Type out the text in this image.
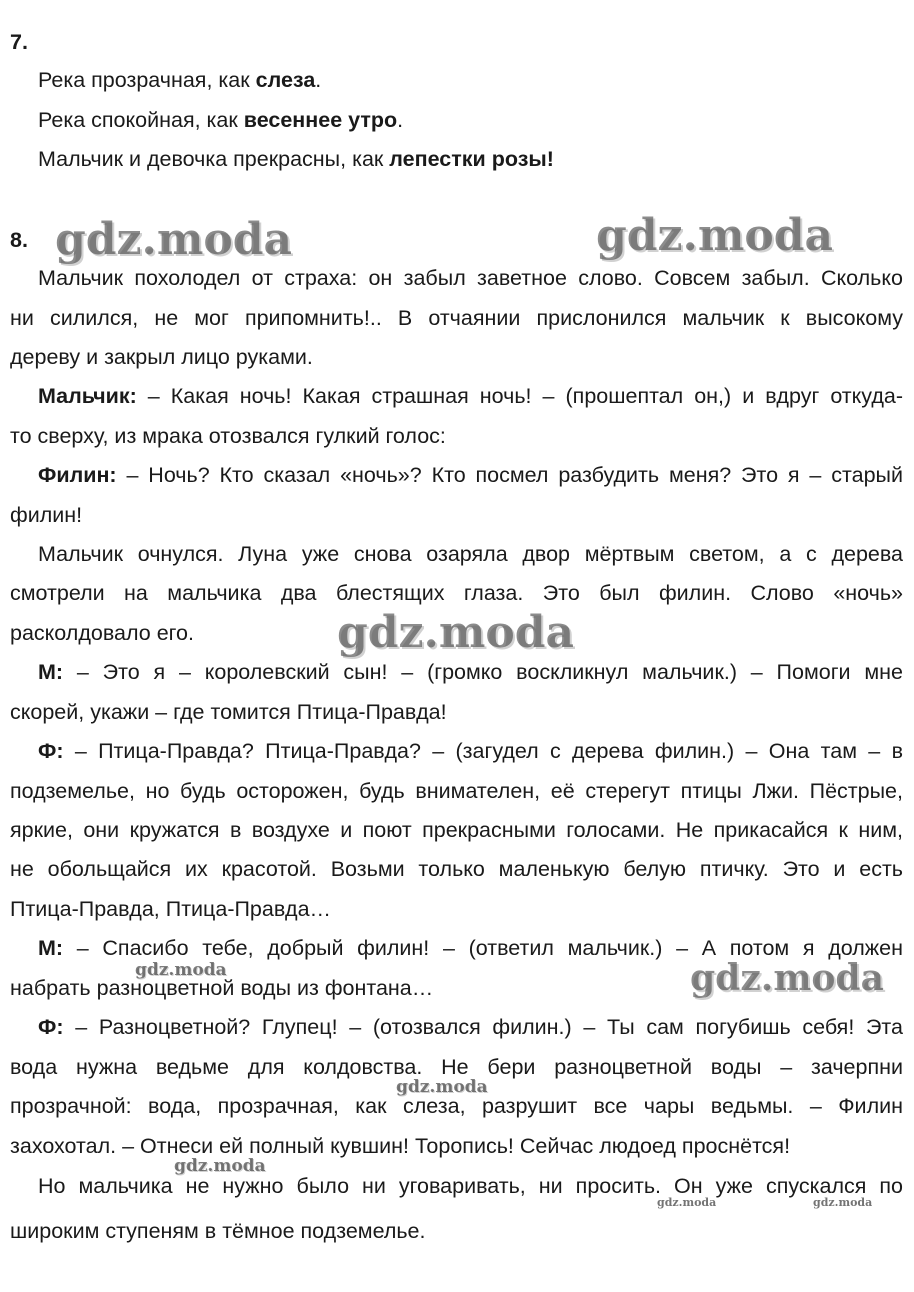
7.
Река прозрачная, как слеза.
Река спокойная, как весеннее утро.
Мальчик и девочка прекрасны, как лепестки розы!
8.
Мальчик похолодел от страха: он забыл заветное слово. Совсем забыл. Сколько
ни силился, не мог припомнить!.. В отчаянии прислонился мальчик к высокому
дереву и закрыл лицо руками.
Мальчик: – Какая ночь! Какая страшная ночь! – (прошептал он,) и вдруг откуда-
то сверху, из мрака отозвался гулкий голос:
Филин: – Ночь? Кто сказал «ночь»? Кто посмел разбудить меня? Это я – старый
филин!
Мальчик очнулся. Луна уже снова озаряла двор мёртвым светом, а с дерева
смотрели на мальчика два блестящих глаза. Это был филин. Слово «ночь»
расколдовало его.
М: – Это я – королевский сын! – (громко воскликнул мальчик.) – Помоги мне
скорей, укажи – где томится Птица-Правда!
Ф: – Птица-Правда? Птица-Правда? – (загудел с дерева филин.) – Она там – в
подземелье, но будь осторожен, будь внимателен, её стерегут птицы Лжи. Пёстрые,
яркие, они кружатся в воздухе и поют прекрасными голосами. Не прикасайся к ним,
не обольщайся их красотой. Возьми только маленькую белую птичку. Это и есть
Птица-Правда, Птица-Правда…
М: – Спасибо тебе, добрый филин! – (ответил мальчик.) – А потом я должен
набрать разноцветной воды из фонтана…
Ф: – Разноцветной? Глупец! – (отозвался филин.) – Ты сам погубишь себя! Эта
вода нужна ведьме для колдовства. Не бери разноцветной воды – зачерпни
прозрачной: вода, прозрачная, как слеза, разрушит все чары ведьмы. – Филин
захохотал. – Отнеси ей полный кувшин! Торопись! Сейчас людоед проснётся!
Но мальчика не нужно было ни уговаривать, ни просить. Он уже спускался по
широким ступеням в тёмное подземелье.
gdz.moda	gdz.moda
gdz.moda
gdz.moda
gdz.moda
gdz.moda
gdz.moda
gdz.moda	gdz.moda
